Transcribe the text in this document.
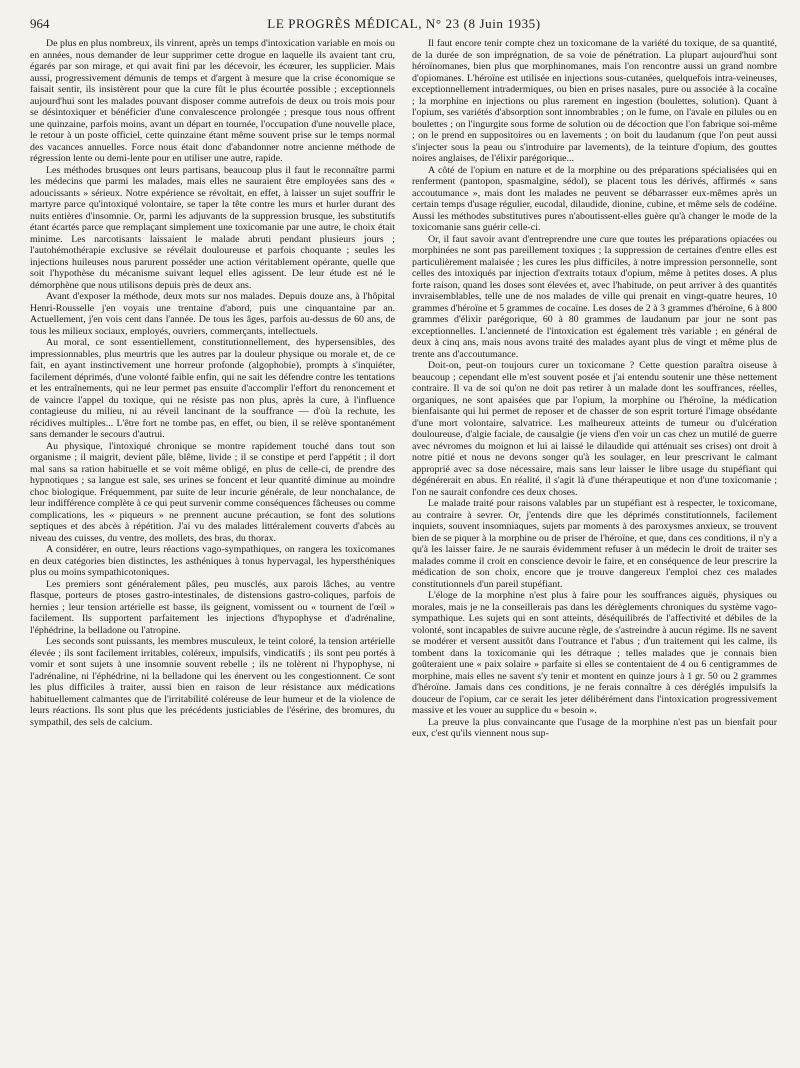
964	LE PROGRÈS MÉDICAL, N° 23 (8 Juin 1935)

De plus en plus nombreux, ils vinrent, après un temps d'intoxication variable en mois ou en années, nous demander de leur supprimer cette drogue en laquelle ils avaient tant cru, égarés par son mirage, et qui avait fini par les décevoir, les écœurer, les supplicier. Mais aussi, progressivement démunis de temps et d'argent à mesure que la crise économique se faisait sentir, ils insistèrent pour que la cure fût le plus écourtée possible ; exceptionnels aujourd'hui sont les malades pouvant disposer comme autrefois de deux ou trois mois pour se désintoxiquer et bénéficier d'une convalescence prolongée ; presque tous nous offrent une quinzaine, parfois moins, avant un départ en tournée, l'occupation d'une nouvelle place, le retour à un poste officiel, cette quinzaine étant même souvent prise sur le temps normal des vacances annuelles. Force nous était donc d'abandonner notre ancienne méthode de régression lente ou demi-lente pour en utiliser une autre, rapide.

Les méthodes brusques ont leurs partisans, beaucoup plus il faut le reconnaître parmi les médecins que parmi les malades, mais elles ne sauraient être employées sans des « adoucissants » sérieux. Notre expérience se révoltait, en effet, à laisser un sujet souffrir le martyre parce qu'intoxiqué volontaire, se taper la tête contre les murs et hurler durant des nuits entières d'insomnie. Or, parmi les adjuvants de la suppression brusque, les substitutifs étant écartés parce que remplaçant simplement une toxicomanie par une autre, le choix était minime. Les narcotisants laissaient le malade abruti pendant plusieurs jours ; l'autohémothérapie exclusive se révélait douloureuse et parfois choquante ; seules les injections huileuses nous parurent posséder une action véritablement opérante, quelle que soit l'hypothèse du mécanisme suivant lequel elles agissent. De leur étude est né le démorphène que nous utilisons depuis près de deux ans.

Avant d'exposer la méthode, deux mots sur nos malades. Depuis douze ans, à l'hôpital Henri-Rousselle j'en voyais une trentaine d'abord, puis une cinquantaine par an. Actuellement, j'en vois cent dans l'année. De tous les âges, parfois au-dessus de 60 ans, de tous les milieux sociaux, employés, ouvriers, commerçants, intellectuels.

Au moral, ce sont essentiellement, constitutionnellement, des hypersensibles, des impressionnables, plus meurtris que les autres par la douleur physique ou morale et, de ce fait, en ayant instinctivement une horreur profonde (algophobie), prompts à s'inquiéter, facilement déprimés, d'une volonté faible enfin, qui ne sait les défendre contre les tentations et les entraînements, qui ne leur permet pas ensuite d'accomplir l'effort du renoncement et de vaincre l'appel du toxique, qui ne résiste pas non plus, après la cure, à l'influence contagieuse du milieu, ni au réveil lancinant de la souffrance — d'où la rechute, les récidives multiples... L'être fort ne tombe pas, en effet, ou bien, il se relève spontanément sans demander le secours d'autrui.

Au physique, l'intoxiqué chronique se montre rapidement touché dans tout son organisme ; il maigrit, devient pâle, blême, livide ; il se constipe et perd l'appétit ; il dort mal sans sa ration habituelle et se voit même obligé, en plus de celle-ci, de prendre des hypnotiques ; sa langue est sale, ses urines se foncent et leur quantité diminue au moindre choc biologique. Fréquemment, par suite de leur incurie générale, de leur nonchalance, de leur indifférence complète à ce qui peut survenir comme conséquences fâcheuses ou comme complications, les « piqueurs » ne prennent aucune précaution, se font des solutions septiques et des abcès à répétition. J'ai vu des malades littéralement couverts d'abcès au niveau des cuisses, du ventre, des mollets, des bras, du thorax.

A considérer, en outre, leurs réactions vago-sympathiques, on rangera les toxicomanes en deux catégories bien distinctes, les asthéniques à tonus hypervagal, les hypersthéniques plus ou moins sympathicotoniques.

Les premiers sont généralement pâles, peu musclés, aux parois lâches, au ventre flasque, porteurs de ptoses gastro-intestinales, de distensions gastro-coliques, parfois de hernies ; leur tension artérielle est basse, ils geignent, vomissent ou « tournent de l'œil » facilement. Ils supportent parfaitement les injections d'hypophyse et d'adrénaline, l'éphédrine, la belladone ou l'atropine.

Les seconds sont puissants, les membres musculeux, le teint coloré, la tension artérielle élevée ; ils sont facilement irritables, coléreux, impulsifs, vindicatifs ; ils sont peu portés à vomir et sont sujets à une insomnie souvent rebelle ; ils ne tolèrent ni l'hypophyse, ni l'adrénaline, ni l'éphédrine, ni la belladone qui les énervent ou les congestionnent. Ce sont les plus difficiles à traiter, aussi bien en raison de leur résistance aux médications habituellement calmantes que de l'irritabilité coléreuse de leur humeur et de la violence de leurs réactions. Ils sont plus que les précédents justiciables de l'ésérine, des bromures, du sympathil, des sels de calcium.

Il faut encore tenir compte chez un toxicomane de la variété du toxique, de sa quantité, de la durée de son imprégnation, de sa voie de pénétration. La plupart aujourd'hui sont héroïnomanes, bien plus que morphinomanes, mais l'on rencontre aussi un grand nombre d'opiomanes. L'héroïne est utilisée en injections sous-cutanées, quelquefois intra-veineuses, exceptionnellement intradermiques, ou bien en prises nasales, pure ou associée à la cocaïne ; la morphine en injections ou plus rarement en ingestion (boulettes, solution). Quant à l'opium, ses variétés d'absorption sont innombrables ; on le fume, on l'avale en pilules ou en boulettes ; on l'ingurgite sous forme de solution ou de décoction que l'on fabrique soi-même ; on le prend en suppositoires ou en lavements ; on boit du laudanum (que l'on peut aussi s'injecter sous la peau ou s'introduire par lavements), de la teinture d'opium, des gouttes noires anglaises, de l'élixir parégorique...

A côté de l'opium en nature et de la morphine ou des préparations spécialisées qui en renferment (pantopon, spasmalgine, sédol), se placent tous les dérivés, affirmés « sans accoutumance », mais dont les malades ne peuvent se débarrasser eux-mêmes après un certain temps d'usage régulier, eucodal, dilaudide, dionine, cubine, et même sels de codéine. Aussi les méthodes substitutives pures n'aboutissent-elles guère qu'à changer le mode de la toxicomanie sans guérir celle-ci.

Or, il faut savoir avant d'entreprendre une cure que toutes les préparations opiacées ou morphinées ne sont pas pareillement toxiques ; la suppression de certaines d'entre elles est particulièrement malaisée ; les cures les plus difficiles, à notre impression personnelle, sont celles des intoxiqués par injection d'extraits totaux d'opium, même à petites doses. A plus forte raison, quand les doses sont élevées et, avec l'habitude, on peut arriver à des quantités invraisemblables, telle une de nos malades de ville qui prenait en vingt-quatre heures, 10 grammes d'héroïne et 5 grammes de cocaïne. Les doses de 2 à 3 grammes d'héroïne, 6 à 800 grammes d'élixir parégorique, 60 à 80 grammes de laudanum par jour ne sont pas exceptionnelles. L'ancienneté de l'intoxication est également très variable ; en général de deux à cinq ans, mais nous avons traité des malades ayant plus de vingt et même plus de trente ans d'accoutumance.

Doit-on, peut-on toujours curer un toxicomane ? Cette question paraîtra oiseuse à beaucoup ; cependant elle m'est souvent posée et j'ai entendu soutenir une thèse nettement contraire. Il va de soi qu'on ne doit pas retirer à un malade dont les souffrances, réelles, organiques, ne sont apaisées que par l'opium, la morphine ou l'héroïne, la médication bienfaisante qui lui permet de reposer et de chasser de son esprit torturé l'image obsédante d'une mort volontaire, salvatrice. Les malheureux atteints de tumeur ou d'ulcération douloureuse, d'algie faciale, de causalgie (je viens d'en voir un cas chez un mutilé de guerre avec névromes du moignon et lui ai laissé le dilaudide qui atténuait ses crises) ont droit à notre pitié et nous ne devons songer qu'à les soulager, en leur prescrivant le calmant approprié avec sa dose nécessaire, mais sans leur laisser le libre usage du stupéfiant qui dégénérerait en abus. En réalité, il s'agit là d'une thérapeutique et non d'une toxicomanie ; l'on ne saurait confondre ces deux choses.

Le malade traité pour raisons valables par un stupéfiant est à respecter, le toxicomane, au contraire à sevrer. Or, j'entends dire que les déprimés constitutionnels, facilement inquiets, souvent insomniaques, sujets par moments à des paroxysmes anxieux, se trouvent bien de se piquer à la morphine ou de priser de l'héroïne, et que, dans ces conditions, il n'y a qu'à les laisser faire. Je ne saurais évidemment refuser à un médecin le droit de traiter ses malades comme il croit en conscience devoir le faire, et en conséquence de leur prescrire la médication de son choix, encore que je trouve dangereux l'emploi chez ces malades constitutionnels d'un pareil stupéfiant.

L'éloge de la morphine n'est plus à faire pour les souffrances aiguës, physiques ou morales, mais je ne la conseillerais pas dans les dérèglements chroniques du système vago-sympathique. Les sujets qui en sont atteints, déséquilibrés de l'affectivité et débiles de la volonté, sont incapables de suivre aucune règle, de s'astreindre à aucun régime. Ils ne savent se modérer et versent aussitôt dans l'outrance et l'abus ; d'un traitement qui les calme, ils tombent dans la toxicomanie qui les détraque ; telles malades que je connais bien goûteraient une « paix solaire » parfaite si elles se contentaient de 4 ou 6 centigrammes de morphine, mais elles ne savent s'y tenir et montent en quinze jours à 1 gr. 50 ou 2 grammes d'héroïne. Jamais dans ces conditions, je ne ferais connaître à ces déréglés impulsifs la douceur de l'opium, car ce serait les jeter délibérément dans l'intoxication progressivement massive et les vouer au supplice du « besoin ».

La preuve la plus convaincante que l'usage de la morphine n'est pas un bienfait pour eux, c'est qu'ils viennent nous sup-
